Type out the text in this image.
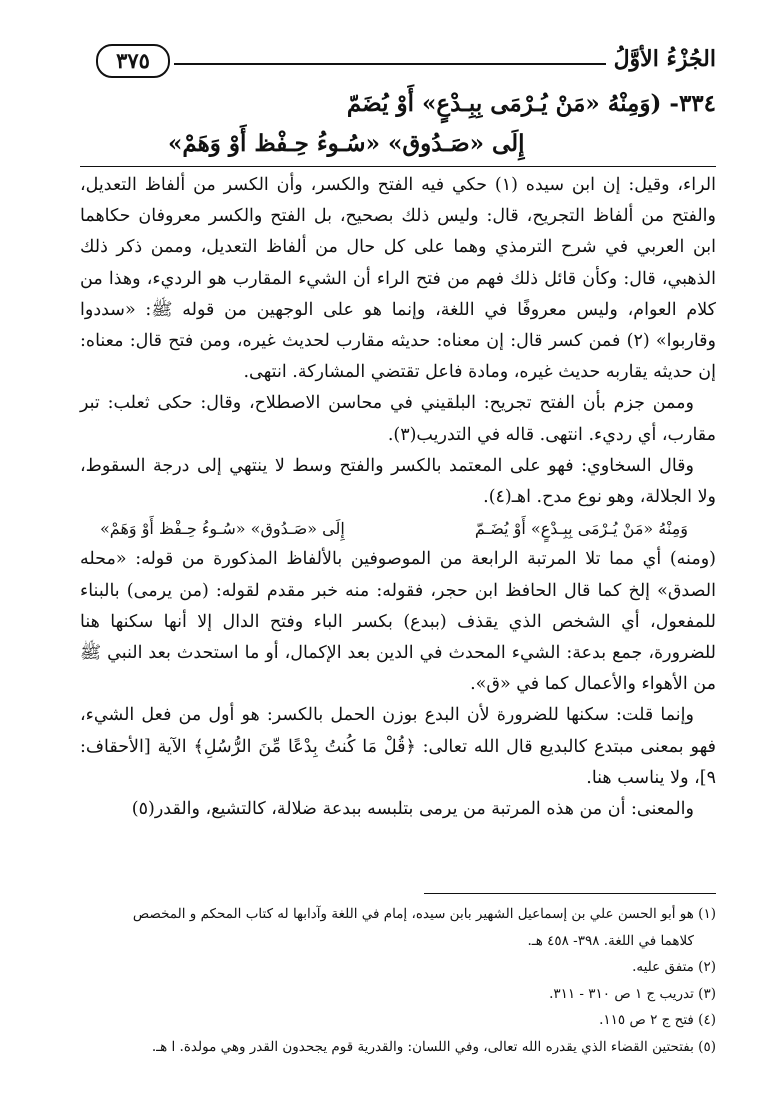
الجُزْءُ الأوَّلُ
٣٧٥
٣٣٤- (وَمِنْهُ «مَنْ يُـرْمَى بِبِـدْعٍ» أَوْ يُضَمّ
إِلَى «صَـدُوق» «سُـوءُ حِـفْظ أَوْ وَهَمْ»

الراء، وقيل: إن ابن سيده (١) حكي فيه الفتح والكسر، وأن الكسر من ألفاظ التعديل، والفتح من ألفاظ التجريح، قال: وليس ذلك بصحيح، بل الفتح والكسر معروفان حكاهما ابن العربي في شرح الترمذي وهما على كل حال من ألفاظ التعديل، وممن ذكر ذلك الذهبي، قال: وكأن قائل ذلك فهم من فتح الراء أن الشيء المقارب هو الرديء، وهذا من كلام العوام، وليس معروفًا في اللغة، وإنما هو على الوجهين من قوله ﷺ: «سددوا وقاربوا» (٢) فمن كسر قال: إن معناه: حديثه مقارب لحديث غيره، ومن فتح قال: معناه: إن حديثه يقاربه حديث غيره، ومادة فاعل تقتضي المشاركة. انتهى.

وممن جزم بأن الفتح تجريح: البلقيني في محاسن الاصطلاح، وقال: حكى ثعلب: تبر مقارب، أي رديء. انتهى. قاله في التدريب(٣).

وقال السخاوي: فهو على المعتمد بالكسر والفتح وسط لا ينتهي إلى درجة السقوط، ولا الجلالة، وهو نوع مدح. اهـ(٤).

وَمِنْهُ «مَنْ يُـرْمَى بِبِـدْعٍ» أَوْ يُضَـمّ
إِلَى «صَـدُوق» «سُـوءُ حِـفْظ أَوْ وَهَمْ»

(ومنه) أي مما تلا المرتبة الرابعة من الموصوفين بالألفاظ المذكورة من قوله: «محله الصدق» إلخ كما قال الحافظ ابن حجر، فقوله: منه خبر مقدم لقوله: (من يرمى) بالبناء للمفعول، أي الشخص الذي يقذف (ببدع) بكسر الباء وفتح الدال إلا أنها سكنها هنا للضرورة، جمع بدعة: الشيء المحدث في الدين بعد الإكمال، أو ما استحدث بعد النبي ﷺ من الأهواء والأعمال كما في «ق».

وإنما قلت: سكنها للضرورة لأن البدع بوزن الحمل بالكسر: هو أول من فعل الشيء، فهو بمعنى مبتدع كالبديع قال الله تعالى: ﴿قُلْ مَا كُنتُ بِدْعًا مِّنَ الرُّسُلِ﴾ الآية [الأحقاف: ٩]، ولا يناسب هنا.

والمعنى: أن من هذه المرتبة من يرمى بتلبسه ببدعة ضلالة، كالتشيع، والقدر(٥)

(١) هو أبو الحسن علي بن إسماعيل الشهير بابن سيده، إمام في اللغة وآدابها له كتاب المحكم و المخصص

كلاهما في اللغة. ٣٩٨- ٤٥٨ هـ.

(٢) متفق عليه.

(٣) تدريب ج ١ ص ٣١٠ - ٣١١.

(٤) فتح ج ٢ ص ١١٥.

(٥) بفتحتين القضاء الذي يقدره الله تعالى، وفي اللسان: والقدرية قوم يجحدون القدر وهي مولدة. ا هـ.
